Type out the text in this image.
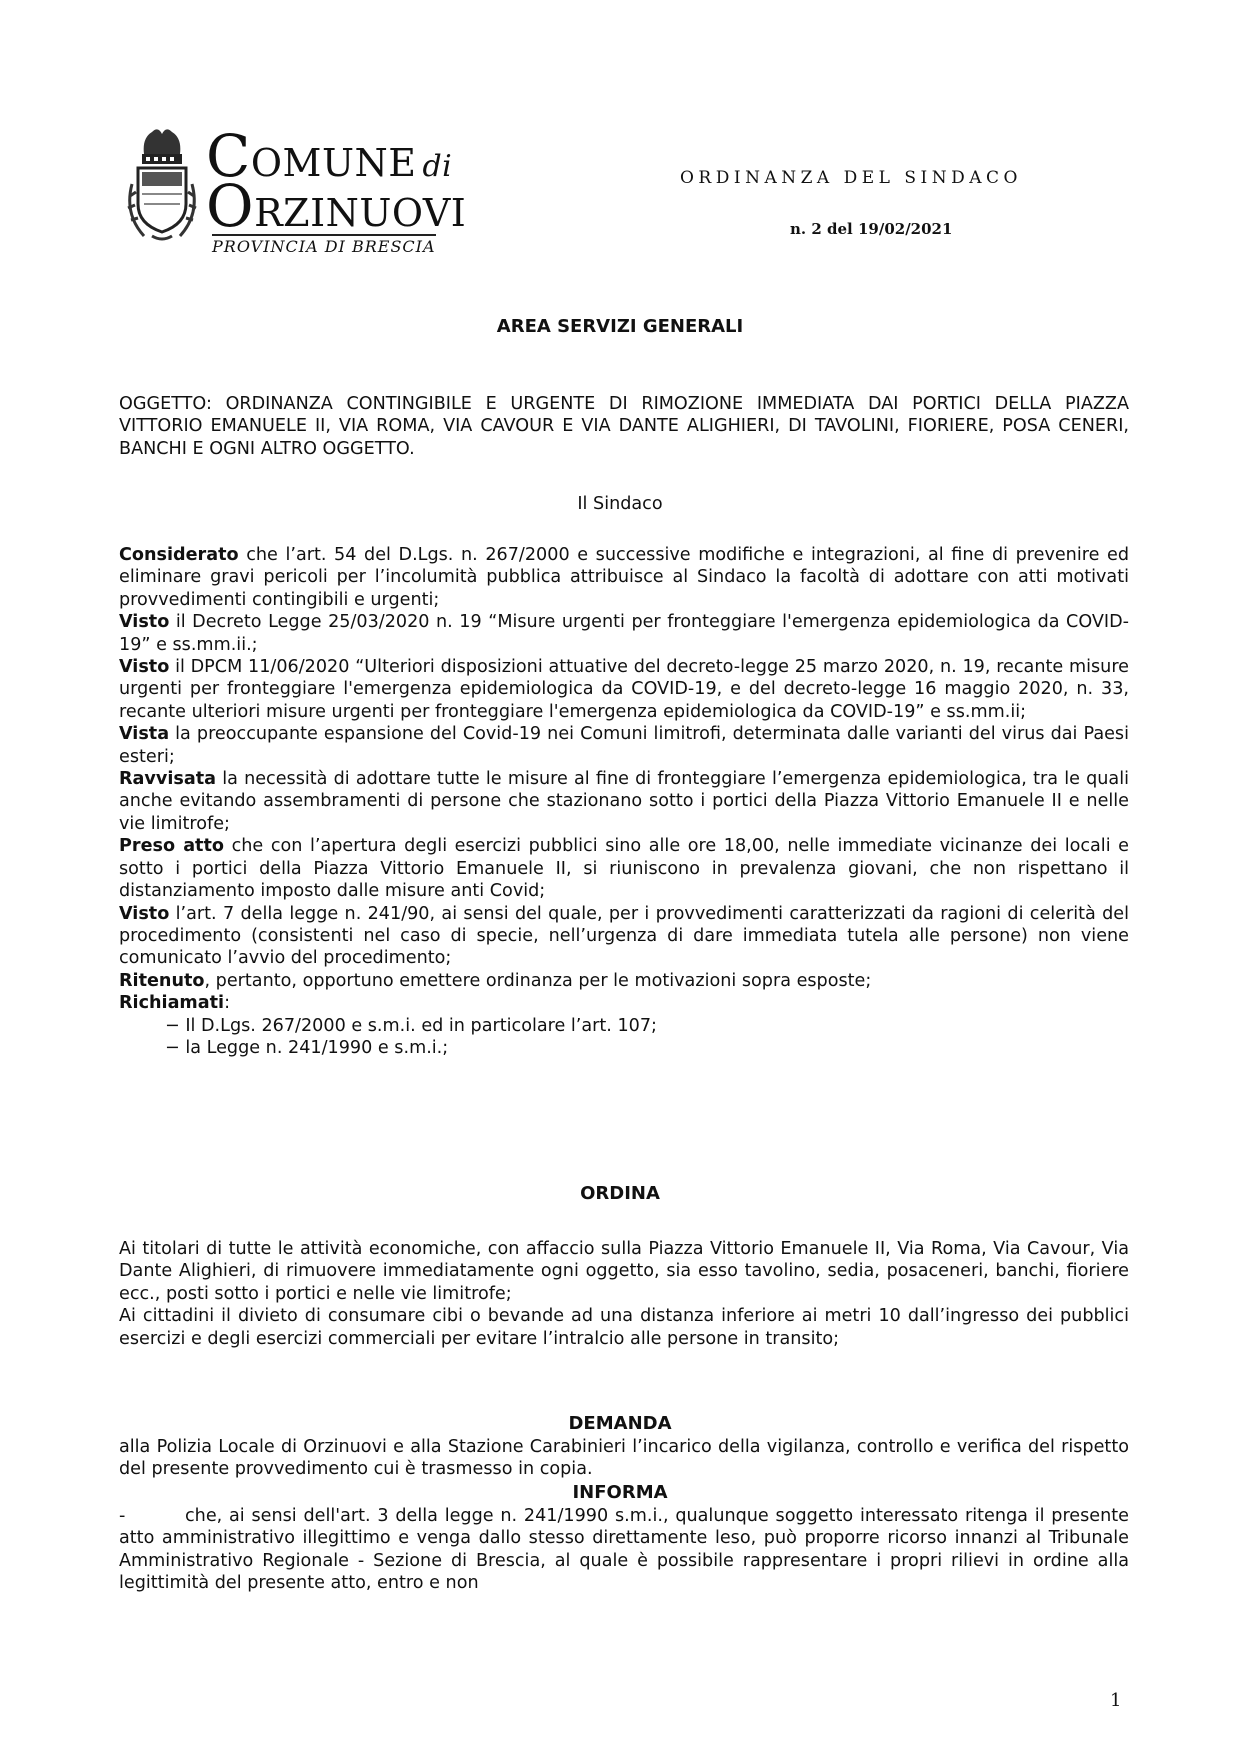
COMUNE di
ORZINUOVI
PROVINCIA DI BRESCIA
ORDINANZA DEL SINDACO
n. 2 del 19/02/2021
AREA SERVIZI GENERALI
OGGETTO: ORDINANZA CONTINGIBILE E URGENTE DI RIMOZIONE IMMEDIATA DAI PORTICI DELLA PIAZZA VITTORIO EMANUELE II, VIA ROMA, VIA CAVOUR E VIA DANTE ALIGHIERI, DI TAVOLINI, FIORIERE, POSA CENERI, BANCHI E OGNI ALTRO OGGETTO.
Il Sindaco

Considerato che l’art. 54 del D.Lgs. n. 267/2000 e successive modifiche e integrazioni, al fine di prevenire ed eliminare gravi pericoli per l’incolumità pubblica attribuisce al Sindaco la facoltà di adottare con atti motivati provvedimenti contingibili e urgenti;

Visto il Decreto Legge 25/03/2020 n. 19 “Misure urgenti per fronteggiare l'emergenza epidemiologica da COVID-19” e ss.mm.ii.;

Visto il DPCM 11/06/2020 “Ulteriori disposizioni attuative del decreto-legge 25 marzo 2020, n. 19, recante misure urgenti per fronteggiare l'emergenza epidemiologica da COVID-19, e del decreto-legge 16 maggio 2020, n. 33, recante ulteriori misure urgenti per fronteggiare l'emergenza epidemiologica da COVID-19” e ss.mm.ii;

Vista la preoccupante espansione del Covid-19 nei Comuni limitrofi, determinata dalle varianti del virus dai Paesi esteri;

Ravvisata la necessità di adottare tutte le misure al fine di fronteggiare l’emergenza epidemiologica, tra le quali anche evitando assembramenti di persone che stazionano sotto i portici della Piazza Vittorio Emanuele II e nelle vie limitrofe;

Preso atto che con l’apertura degli esercizi pubblici sino alle ore 18,00, nelle immediate vicinanze dei locali e sotto i portici della Piazza Vittorio Emanuele II, si riuniscono in prevalenza giovani, che non rispettano il distanziamento imposto dalle misure anti Covid;

Visto l’art. 7 della legge n. 241/90, ai sensi del quale, per i provvedimenti caratterizzati da ragioni di celerità del procedimento (consistenti nel caso di specie, nell’urgenza di dare immediata tutela alle persone) non viene comunicato l’avvio del procedimento;

Ritenuto, pertanto, opportuno emettere ordinanza per le motivazioni sopra esposte;

Richiamati:

− Il D.Lgs. 267/2000 e s.m.i. ed in particolare l’art. 107;
− la Legge n. 241/1990 e s.m.i.;
ORDINA

Ai titolari di tutte le attività economiche, con affaccio sulla Piazza Vittorio Emanuele II, Via Roma, Via Cavour, Via Dante Alighieri, di rimuovere immediatamente ogni oggetto, sia esso tavolino, sedia, posaceneri, banchi, fioriere ecc., posti sotto i portici e nelle vie limitrofe;

Ai cittadini il divieto di consumare cibi o bevande ad una distanza inferiore ai metri 10 dall’ingresso dei pubblici esercizi e degli esercizi commerciali per evitare l’intralcio alle persone in transito;

DEMANDA

alla Polizia Locale di Orzinuovi e alla Stazione Carabinieri l’incarico della vigilanza, controllo e verifica del rispetto del presente provvedimento cui è trasmesso in copia.

INFORMA

-	che, ai sensi dell'art. 3 della legge n. 241/1990 s.m.i., qualunque soggetto interessato ritenga il presente atto amministrativo illegittimo e venga dallo stesso direttamente leso, può proporre ricorso innanzi al Tribunale Amministrativo Regionale - Sezione di Brescia, al quale è possibile rappresentare i propri rilievi in ordine alla legittimità del presente atto, entro e non

1
